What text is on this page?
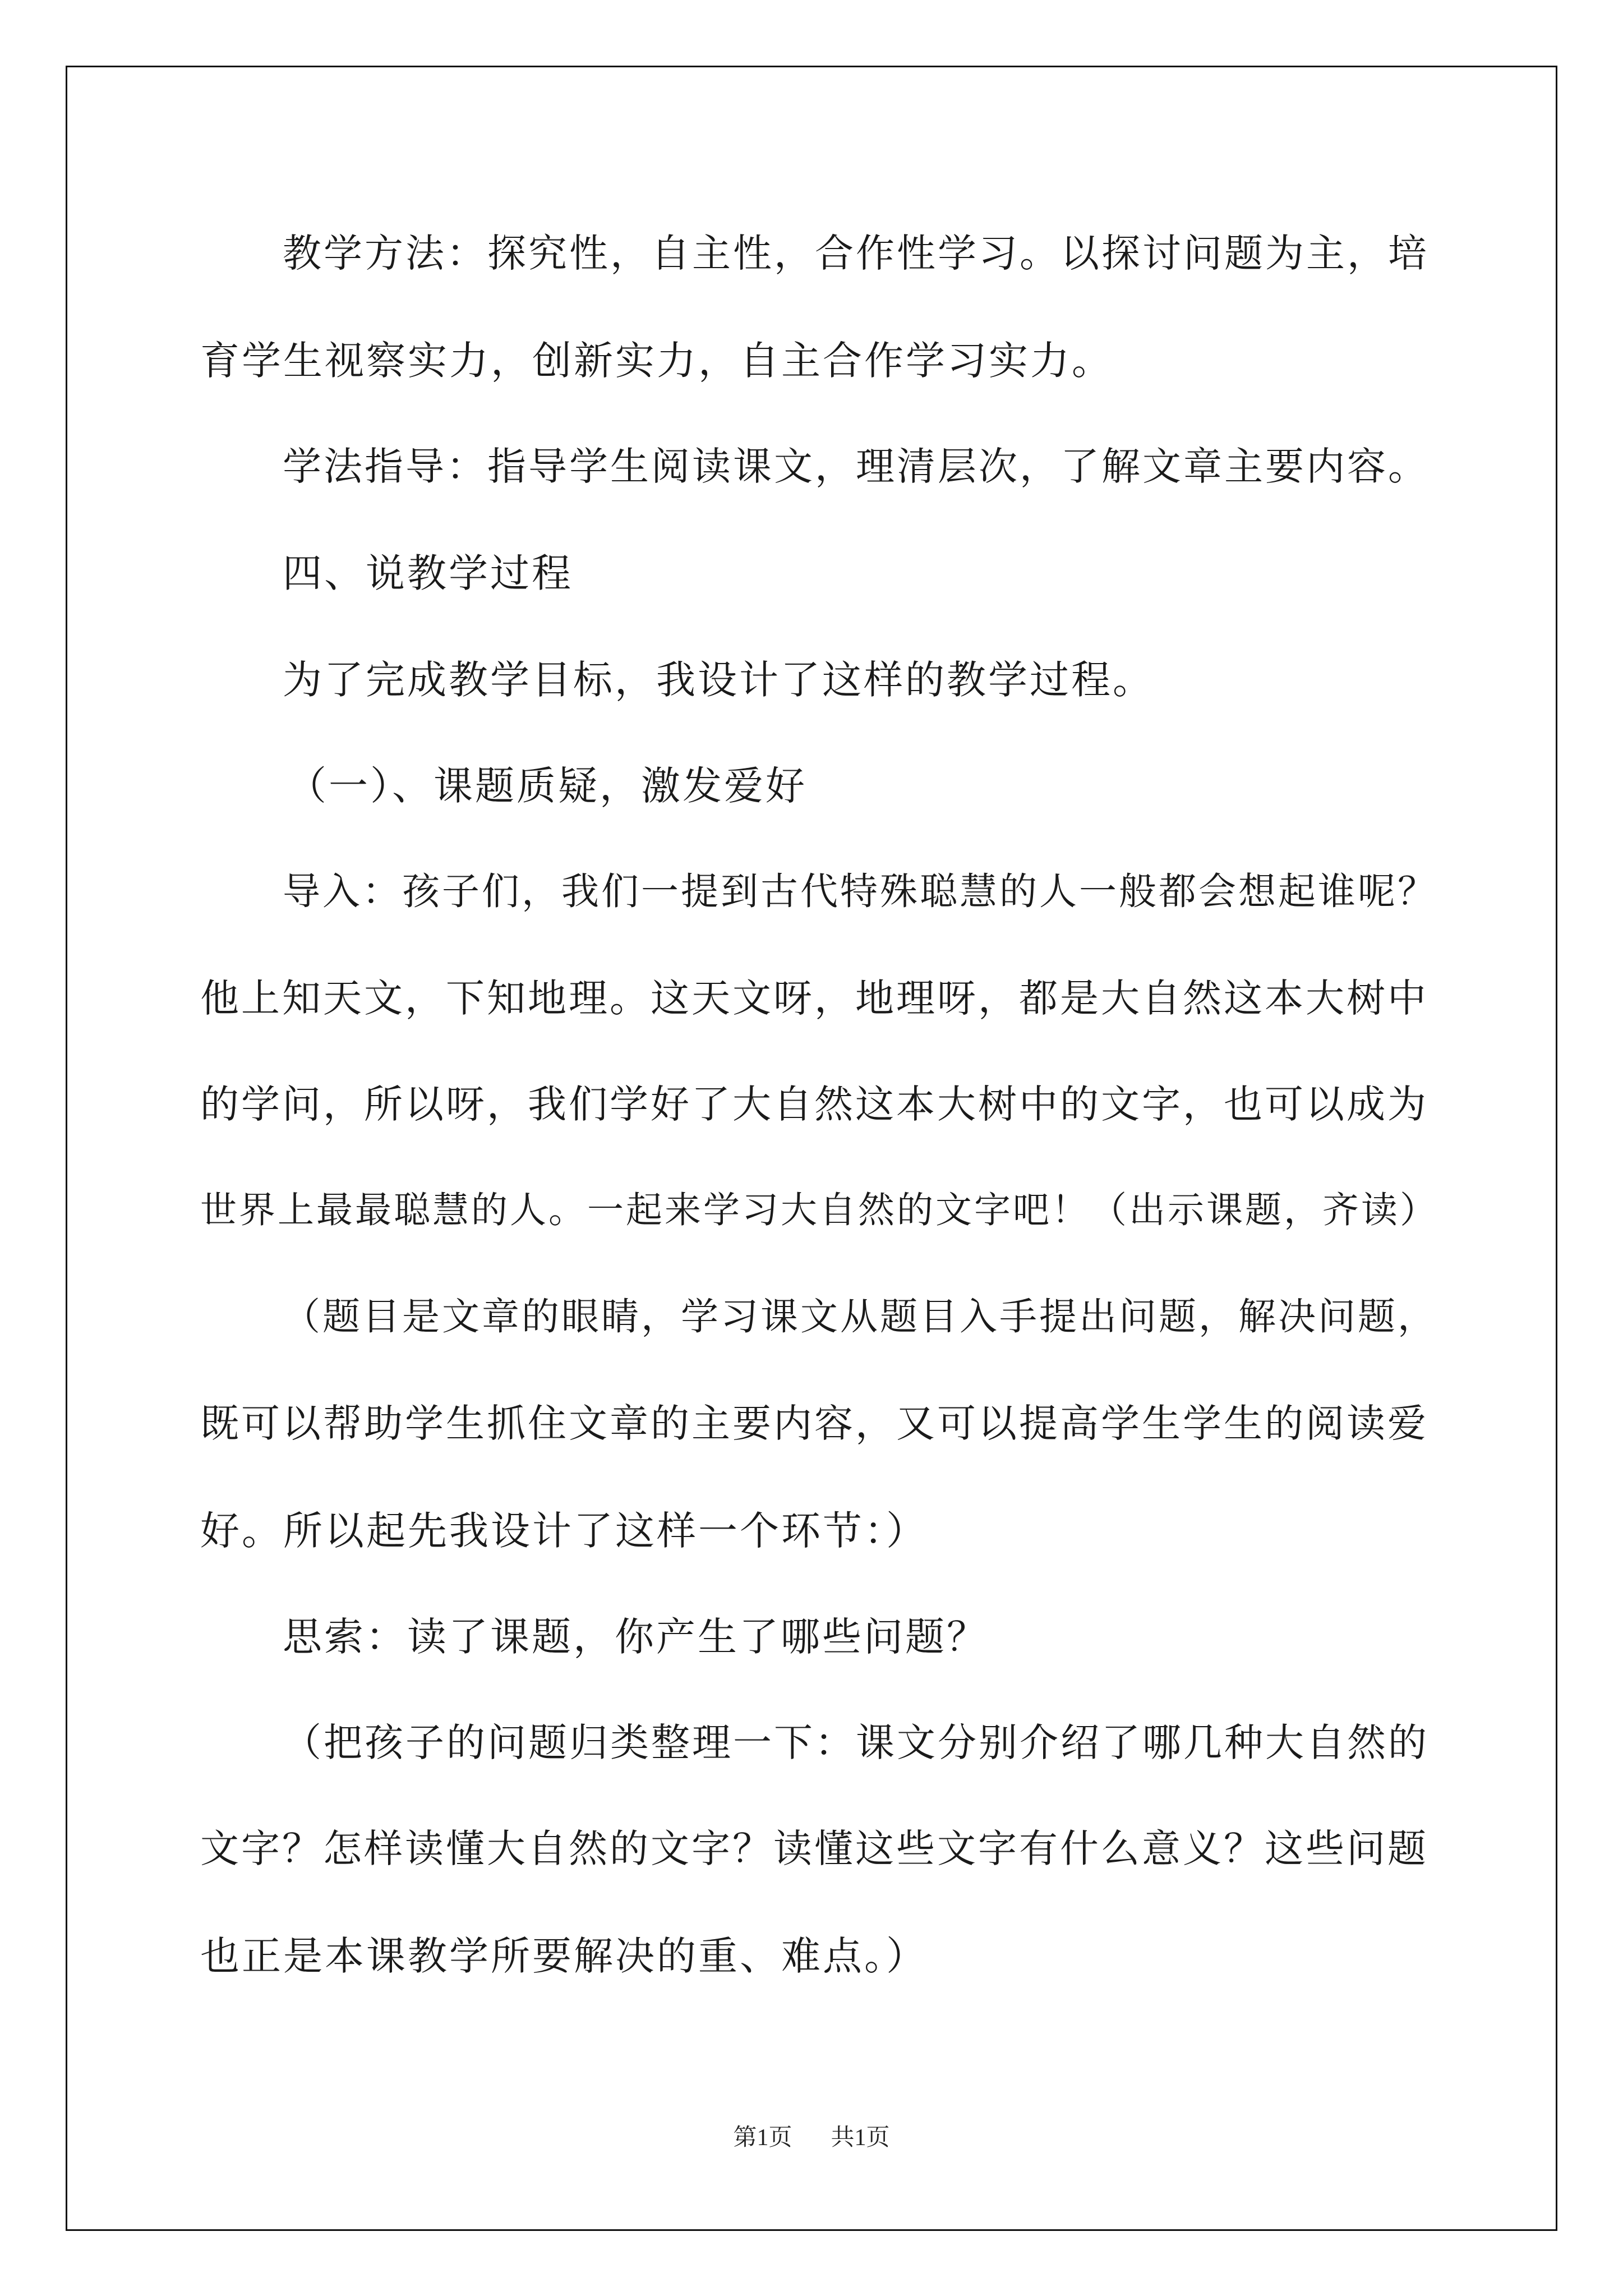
教学方法：探究性，自主性，合作性学习。以探讨问题为主，培
育学生视察实力，创新实力，自主合作学习实力。
学法指导：指导学生阅读课文，理清层次，了解文章主要内容。
四、说教学过程
为了完成教学目标，我设计了这样的教学过程。
（一）、课题质疑，激发爱好
导入：孩子们，我们一提到古代特殊聪慧的人一般都会想起谁呢？
他上知天文，下知地理。这天文呀，地理呀，都是大自然这本大树中
的学问，所以呀，我们学好了大自然这本大树中的文字，也可以成为
世界上最最聪慧的人。一起来学习大自然的文字吧！（出示课题，齐读）
（题目是文章的眼睛，学习课文从题目入手提出问题，解决问题，
既可以帮助学生抓住文章的主要内容，又可以提高学生学生的阅读爱
好。所以起先我设计了这样一个环节：）
思索：读了课题，你产生了哪些问题？
（把孩子的问题归类整理一下：课文分别介绍了哪几种大自然的
文字？怎样读懂大自然的文字？读懂这些文字有什么意义？这些问题
也正是本课教学所要解决的重、难点。）
第1页 共1页
